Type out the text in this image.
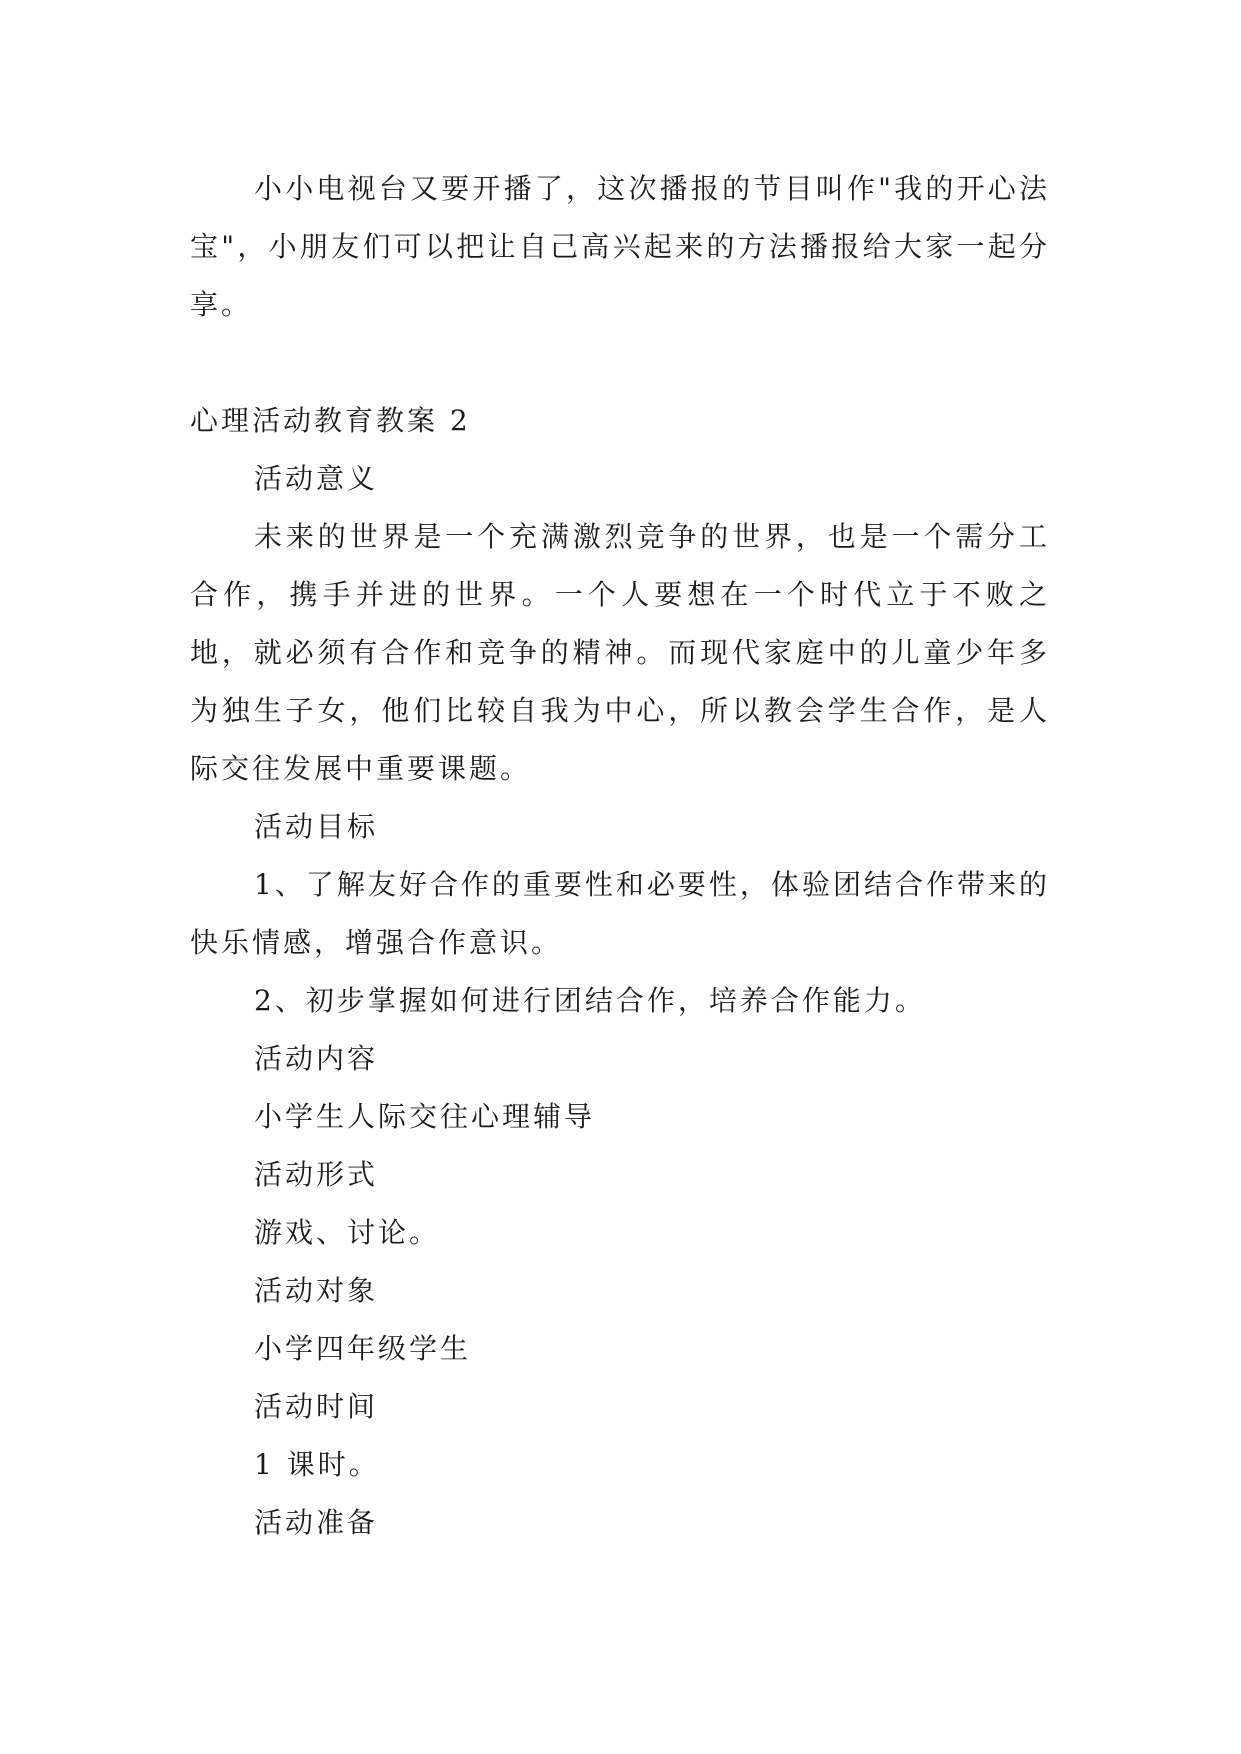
小小电视台又要开播了，这次播报的节目叫作"我的开心法宝"，小朋友们可以把让自己高兴起来的方法播报给大家一起分享。

心理活动教育教案 2

活动意义

未来的世界是一个充满激烈竞争的世界，也是一个需分工合作，携手并进的世界。一个人要想在一个时代立于不败之地，就必须有合作和竞争的精神。而现代家庭中的儿童少年多为独生子女，他们比较自我为中心，所以教会学生合作，是人际交往发展中重要课题。

活动目标

1、了解友好合作的重要性和必要性，体验团结合作带来的快乐情感，增强合作意识。

2、初步掌握如何进行团结合作，培养合作能力。

活动内容

小学生人际交往心理辅导

活动形式

游戏、讨论。

活动对象

小学四年级学生

活动时间

1 课时。

活动准备
